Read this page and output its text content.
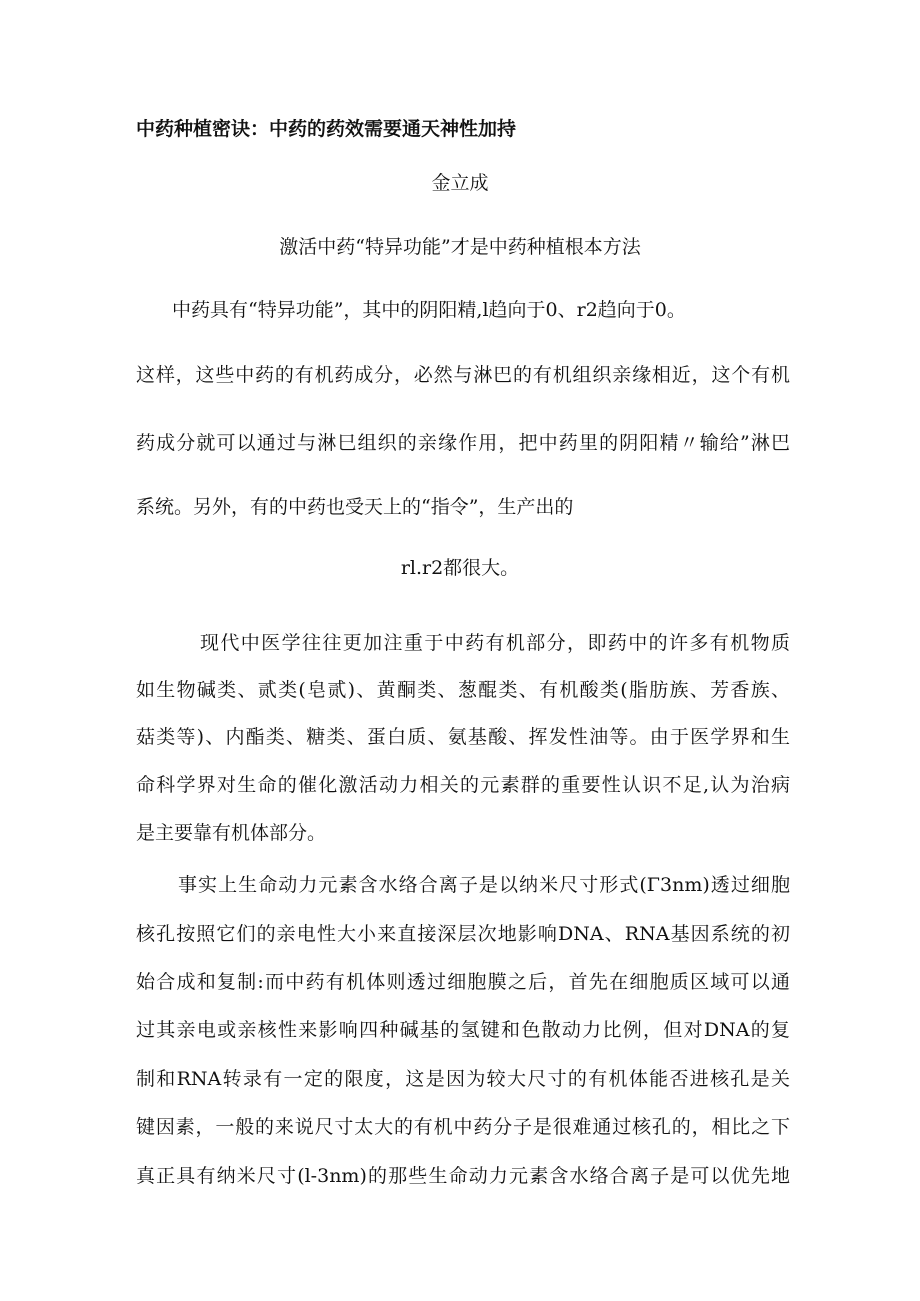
中药种植密诀：中药的药效需要通天神性加持

金立成

激活中药“特异功能”才是中药种植根本方法

中药具有“特异功能”，其中的阴阳精,l趋向于0、r2趋向于0。

这样，这些中药的有机药成分，必然与淋巴的有机组织亲缘相近，这个有机

药成分就可以通过与淋巳组织的亲缘作用，把中药里的阴阳精〃输给”淋巴

系统。另外，有的中药也受天上的“指令”，生产出的

rl.r2都很大。

现代中医学往往更加注重于中药有机部分，即药中的许多有机物质

如生物碱类、贰类(皂贰)、黄酮类、葱醌类、有机酸类(脂肪族、芳香族、

菇类等)、内酯类、糖类、蛋白质、氨基酸、挥发性油等。由于医学界和生

命科学界对生命的催化激活动力相关的元素群的重要性认识不足,认为治病

是主要靠有机体部分。

事实上生命动力元素含水络合离子是以纳米尺寸形式(Γ3nm)透过细胞

核孔按照它们的亲电性大小来直接深层次地影响DNA、RNA基因系统的初

始合成和复制:而中药有机体则透过细胞膜之后，首先在细胞质区域可以通

过其亲电或亲核性来影响四种碱基的氢键和色散动力比例，但对DNA的复

制和RNA转录有一定的限度，这是因为较大尺寸的有机体能否进核孔是关

键因素，一般的来说尺寸太大的有机中药分子是很难通过核孔的，相比之下

真正具有纳米尺寸(l-3nm)的那些生命动力元素含水络合离子是可以优先地
